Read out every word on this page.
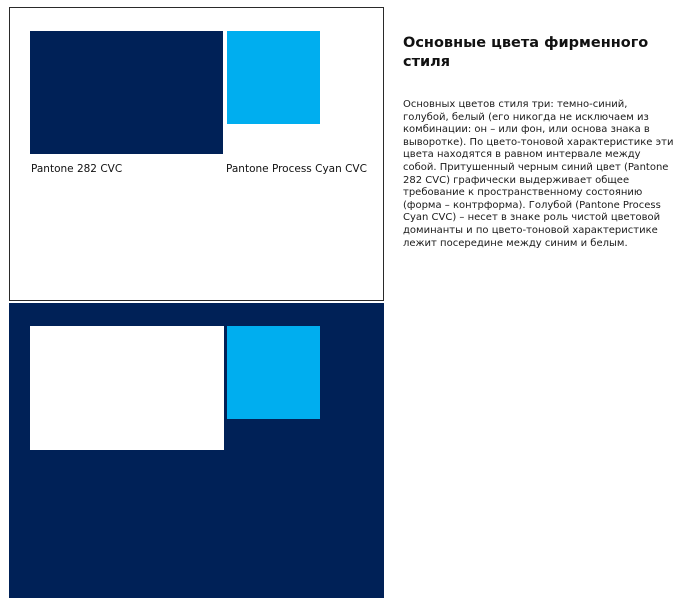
Pantone 282 CVC	Pantone Process Cyan CVC
Основные цвета фирменного стиля

Основных цветов стиля три: темно-синий, голубой, белый (его никогда не исключаем из комбинации: он – или фон, или основа знака в выворотке). По цвето-тоновой характеристике эти цвета находятся в равном интервале между собой. Притушенный черным синий цвет (Pantone 282 CVC) графически выдерживает общее требование к пространственному состоянию (форма – контрформа). Голубой (Pantone Process Cyan CVC) – несет в знаке роль чистой цветовой доминанты и по цвето-тоновой характеристике лежит посередине между синим и белым.
